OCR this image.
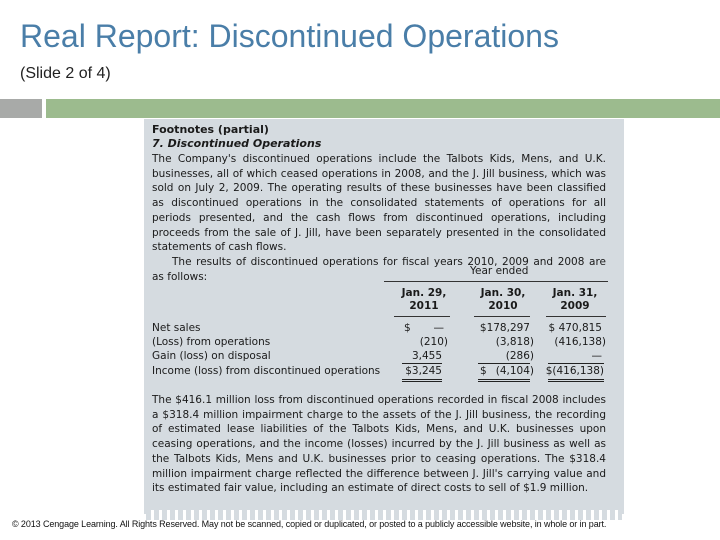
Real Report: Discontinued Operations
(Slide 2 of 4)
Footnotes (partial)
7. Discontinued Operations
The Company's discontinued operations include the Talbots Kids, Mens, and U.K. businesses, all of which ceased operations in 2008, and the J. Jill business, which was sold on July 2, 2009. The operating results of these businesses have been classified as discontinued operations in the consolidated statements of operations for all periods presented, and the cash flows from discontinued operations, including proceeds from the sale of J. Jill, have been separately presented in the consolidated statements of cash flows.
The results of discontinued operations for fiscal years 2010, 2009 and 2008 are as follows:	Year ended
Jan. 29,
2011
Jan. 30,
2010
Jan. 31,
2009
Net sales	$	—	$178,297	$ 470,815
(Loss) from operations	(210)	(3,818)	(416,138)
Gain (loss) on disposal	3,455	(286)	—
Income (loss) from discontinued operations	$3,245	$ (4,104)	$(416,138)
The $416.1 million loss from discontinued operations recorded in fiscal 2008 includes a $318.4 million impairment charge to the assets of the J. Jill business, the recording of estimated lease liabilities of the Talbots Kids, Mens, and U.K. businesses upon ceasing operations, and the income (losses) incurred by the J. Jill business as well as the Talbots Kids, Mens and U.K. businesses prior to ceasing operations. The $318.4 million impairment charge reflected the difference between J. Jill's carrying value and its estimated fair value, including an estimate of direct costs to sell of $1.9 million.
© 2013 Cengage Learning. All Rights Reserved. May not be scanned, copied or duplicated, or posted to a publicly accessible website, in whole or in part.
